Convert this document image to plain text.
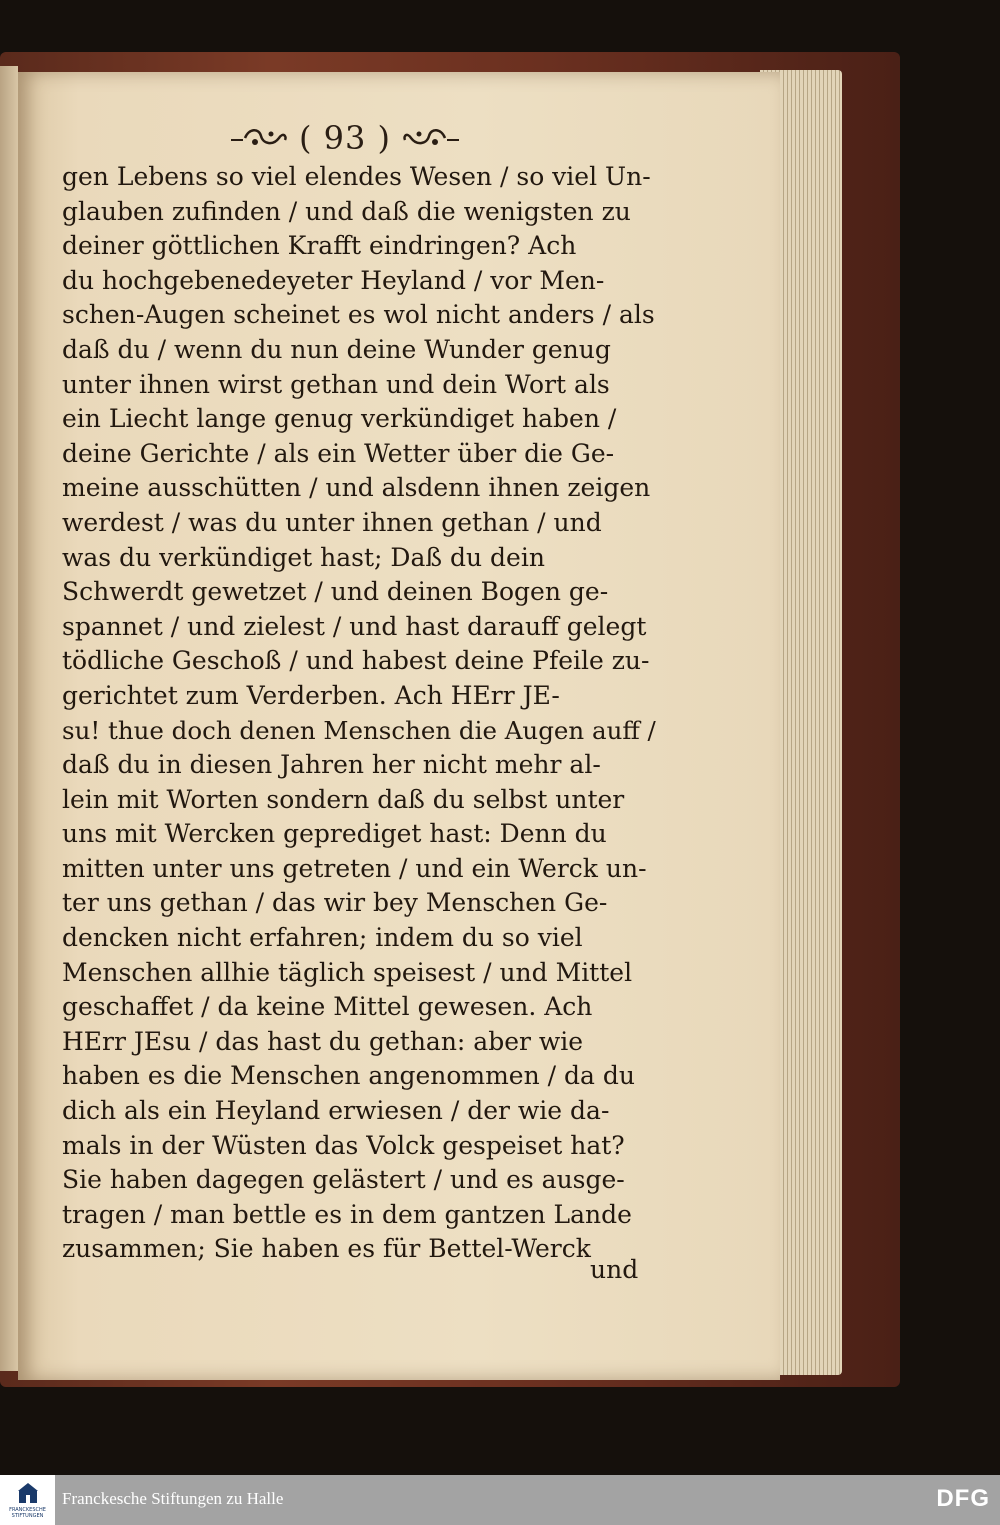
( 93 )
gen Lebens so viel elendes Wesen / so viel Un-
glauben zufinden / und daß die wenigsten zu
deiner göttlichen Krafft eindringen? Ach
du hochgebenedeyeter Heyland / vor Men-
schen-Augen scheinet es wol nicht anders / als
daß du / wenn du nun deine Wunder genug
unter ihnen wirst gethan und dein Wort als
ein Liecht lange genug verkündiget haben /
deine Gerichte / als ein Wetter über die Ge-
meine ausschütten / und alsdenn ihnen zeigen
werdest / was du unter ihnen gethan / und
was du verkündiget hast; Daß du dein
Schwerdt gewetzet / und deinen Bogen ge-
spannet / und zielest / und hast darauff gelegt
tödliche Geschoß / und habest deine Pfeile zu-
gerichtet zum Verderben. Ach HErr JE-
su! thue doch denen Menschen die Augen auff /
daß du in diesen Jahren her nicht mehr al-
lein mit Worten sondern daß du selbst unter
uns mit Wercken geprediget hast: Denn du
mitten unter uns getreten / und ein Werck un-
ter uns gethan / das wir bey Menschen Ge-
dencken nicht erfahren; indem du so viel
Menschen allhie täglich speisest / und Mittel
geschaffet / da keine Mittel gewesen. Ach
HErr JEsu / das hast du gethan: aber wie
haben es die Menschen angenommen / da du
dich als ein Heyland erwiesen / der wie da-
mals in der Wüsten das Volck gespeiset hat?
Sie haben dagegen gelästert / und es ausge-
tragen / man bettle es in dem gantzen Lande
zusammen; Sie haben es für Bettel-Werck
und
FRANCKESCHE STIFTUNGEN
Franckesche Stiftungen zu Halle	DFG
